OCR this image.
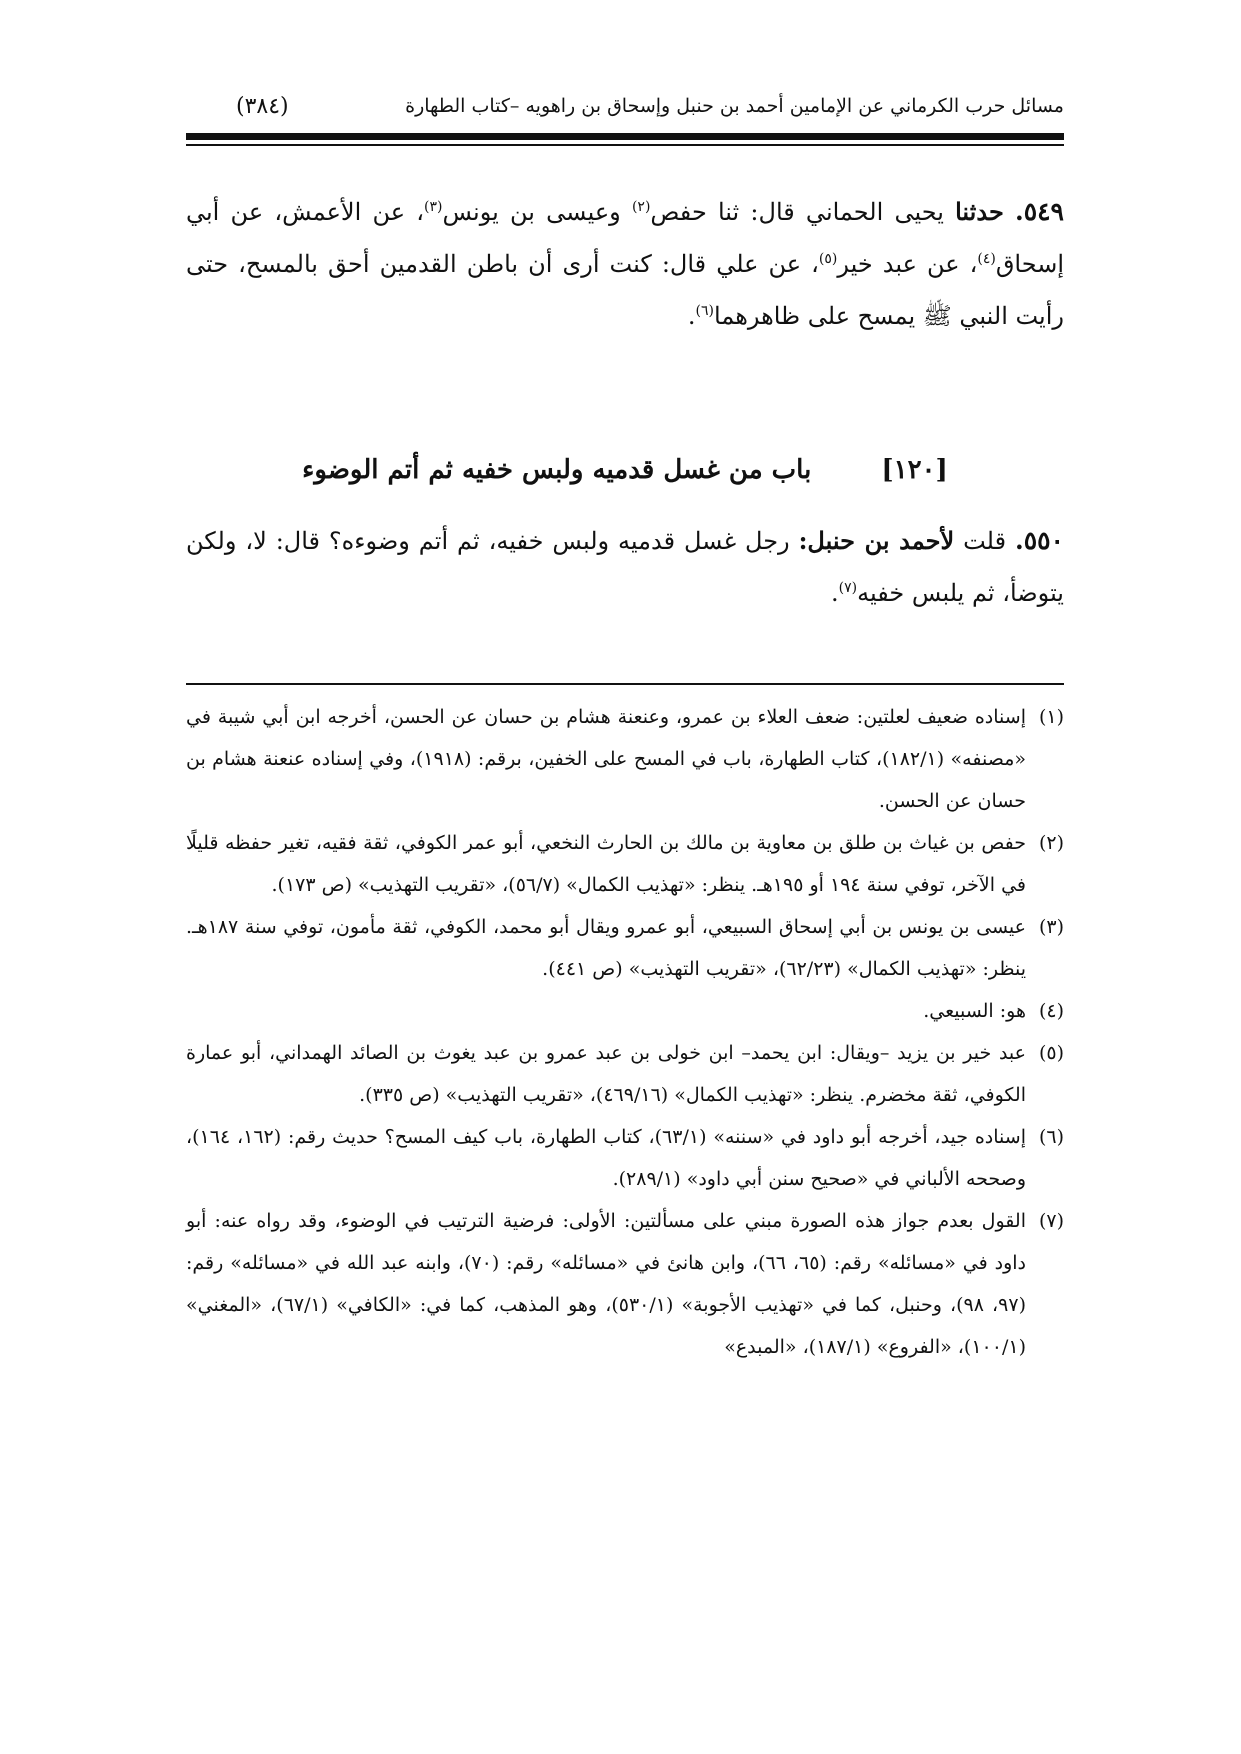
مسائل حرب الكرماني عن الإمامين أحمد بن حنبل وإسحاق بن راهويه –كتاب الطهارة
(٣٨٤)

٥٤٩. حدثنا يحيى الحماني قال: ثنا حفص$^{(٢)}$ وعيسى بن يونس$^{(٣)}$، عن الأعمش، عن أبي إسحاق$^{(٤)}$، عن عبد خير$^{(٥)}$، عن علي قال: كنت أرى أن باطن القدمين أحق بالمسح، حتى رأيت النبي ﷺ يمسح على ظاهرهما$^{(٦)}$.

[١٢٠]
باب من غسل قدميه ولبس خفيه ثم أتم الوضوء

٥٥٠. قلت لأحمد بن حنبل: رجل غسل قدميه ولبس خفيه، ثم أتم وضوءه؟ قال: لا، ولكن يتوضأ، ثم يلبس خفيه$^{(٧)}$.

(١)
إسناده ضعيف لعلتين: ضعف العلاء بن عمرو، وعنعنة هشام بن حسان عن الحسن، أخرجه ابن أبي شيبة في «مصنفه» (١٨٢/١)، كتاب الطهارة، باب في المسح على الخفين، برقم: (١٩١٨)، وفي إسناده عنعنة هشام بن حسان عن الحسن.
(٢)
حفص بن غياث بن طلق بن معاوية بن مالك بن الحارث النخعي، أبو عمر الكوفي، ثقة فقيه، تغير حفظه قليلًا في الآخر، توفي سنة ١٩٤ أو ١٩٥هـ. ينظر: «تهذيب الكمال» (٥٦/٧)، «تقريب التهذيب» (ص ١٧٣).
(٣)
عيسى بن يونس بن أبي إسحاق السبيعي، أبو عمرو ويقال أبو محمد، الكوفي، ثقة مأمون، توفي سنة ١٨٧هـ. ينظر: «تهذيب الكمال» (٦٢/٢٣)، «تقريب التهذيب» (ص ٤٤١).
(٤)
هو: السبيعي.
(٥)
عبد خير بن يزيد –ويقال: ابن يحمد– ابن خولى بن عبد عمرو بن عبد يغوث بن الصائد الهمداني، أبو عمارة الكوفي، ثقة مخضرم. ينظر: «تهذيب الكمال» (٤٦٩/١٦)، «تقريب التهذيب» (ص ٣٣٥).
(٦)
إسناده جيد، أخرجه أبو داود في «سننه» (٦٣/١)، كتاب الطهارة، باب كيف المسح؟ حديث رقم: (١٦٢، ١٦٤)، وصححه الألباني في «صحيح سنن أبي داود» (٢٨٩/١).
(٧)
القول بعدم جواز هذه الصورة مبني على مسألتين: الأولى: فرضية الترتيب في الوضوء، وقد رواه عنه: أبو داود في «مسائله» رقم: (٦٥، ٦٦)، وابن هانئ في «مسائله» رقم: (٧٠)، وابنه عبد الله في «مسائله» رقم: (٩٧، ٩٨)، وحنبل، كما في «تهذيب الأجوبة» (٥٣٠/١)، وهو المذهب، كما في: «الكافي» (٦٧/١)، «المغني» (١٠٠/١)، «الفروع» (١٨٧/١)، «المبدع»
